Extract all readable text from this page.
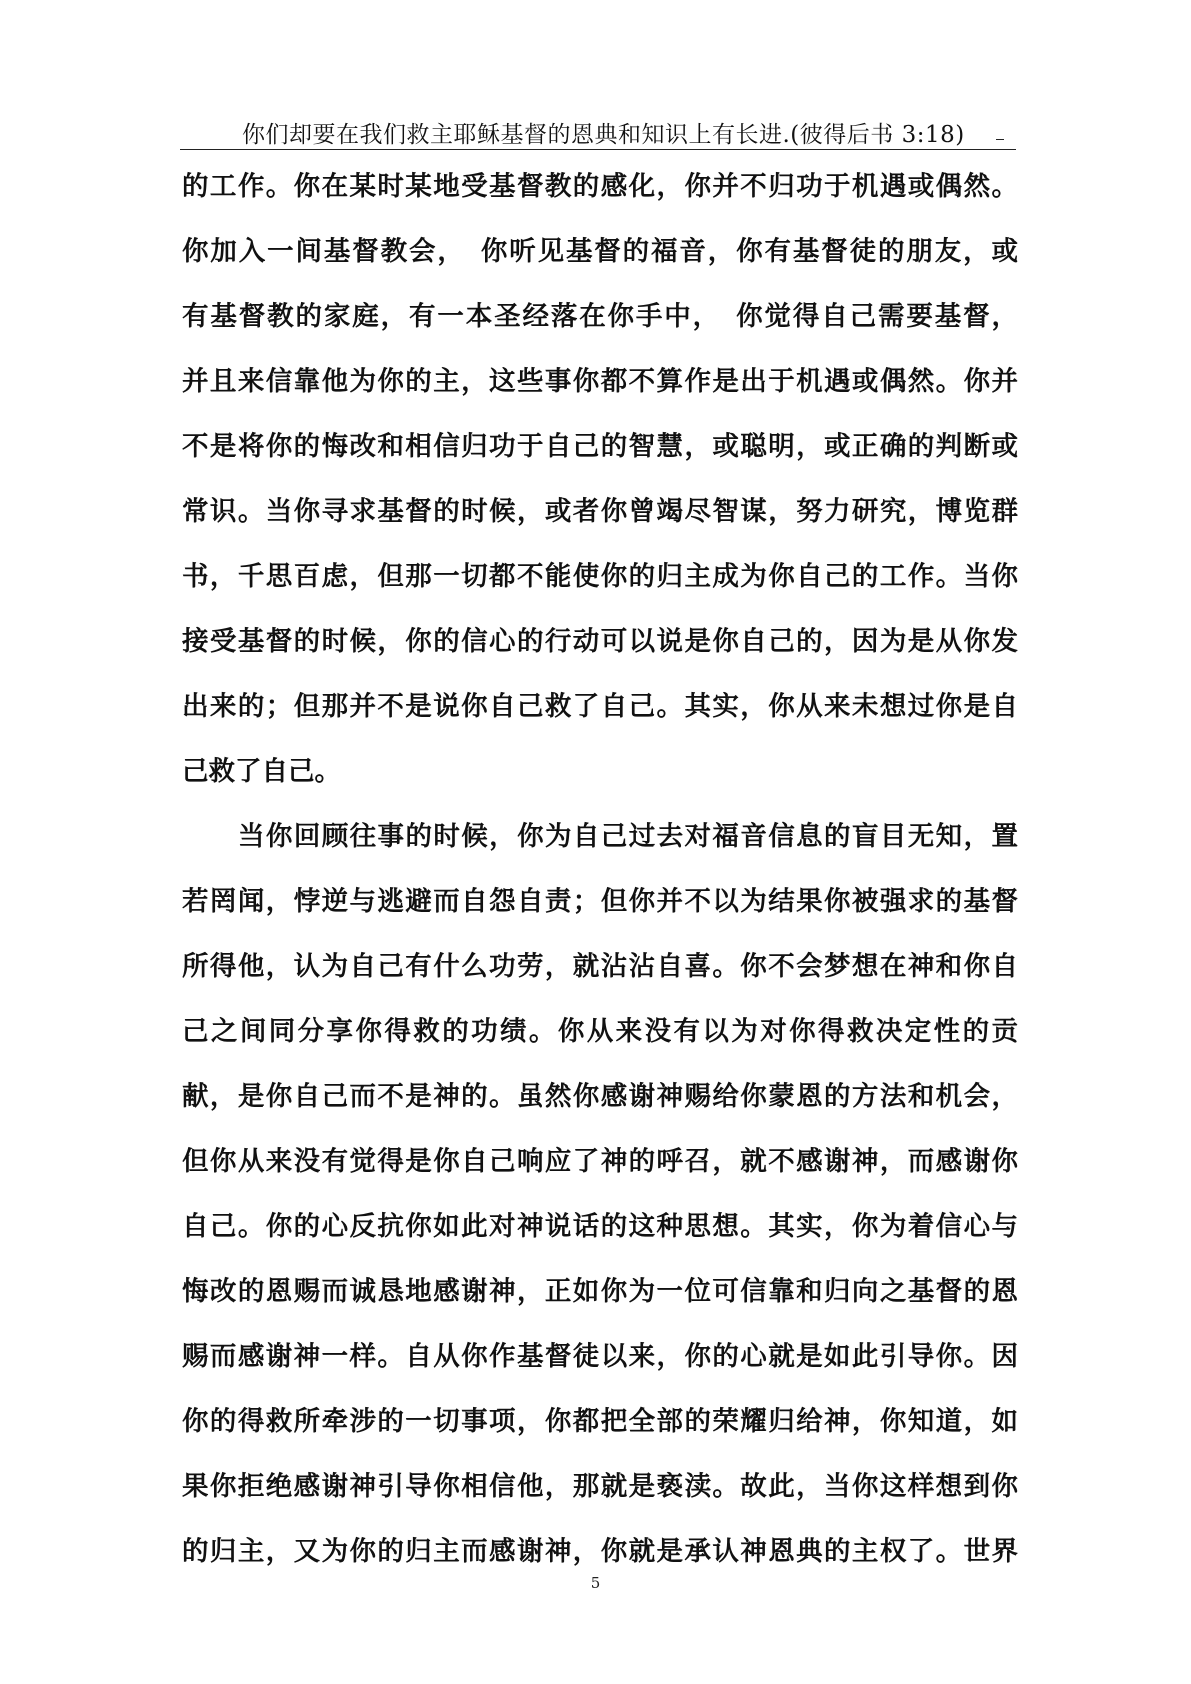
你们却要在我们救主耶稣基督的恩典和知识上有长进.(彼得后书 3:18)
的工作。你在某时某地受基督教的感化，你并不归功于机遇或偶然。
你加入一间基督教会，　你听见基督的福音，你有基督徒的朋友，或
有基督教的家庭，有一本圣经落在你手中，　你觉得自己需要基督，
并且来信靠他为你的主，这些事你都不算作是出于机遇或偶然。你并
不是将你的悔改和相信归功于自己的智慧，或聪明，或正确的判断或
常识。当你寻求基督的时候，或者你曾竭尽智谋，努力研究，博览群
书，千思百虑，但那一切都不能使你的归主成为你自己的工作。当你
接受基督的时候，你的信心的行动可以说是你自己的，因为是从你发
出来的；但那并不是说你自己救了自己。其实，你从来未想过你是自
己救了自己。
当你回顾往事的时候，你为自己过去对福音信息的盲目无知，置
若罔闻，悖逆与逃避而自怨自责；但你并不以为结果你被强求的基督
所得他，认为自己有什么功劳，就沾沾自喜。你不会梦想在神和你自
己之间同分享你得救的功绩。你从来没有以为对你得救决定性的贡
献，是你自己而不是神的。虽然你感谢神赐给你蒙恩的方法和机会，
但你从来没有觉得是你自己响应了神的呼召，就不感谢神，而感谢你
自己。你的心反抗你如此对神说话的这种思想。其实，你为着信心与
悔改的恩赐而诚恳地感谢神，正如你为一位可信靠和归向之基督的恩
赐而感谢神一样。自从你作基督徒以来，你的心就是如此引导你。因
你的得救所牵涉的一切事项，你都把全部的荣耀归给神，你知道，如
果你拒绝感谢神引导你相信他，那就是亵渎。故此，当你这样想到你
的归主，又为你的归主而感谢神，你就是承认神恩典的主权了。世界
5
